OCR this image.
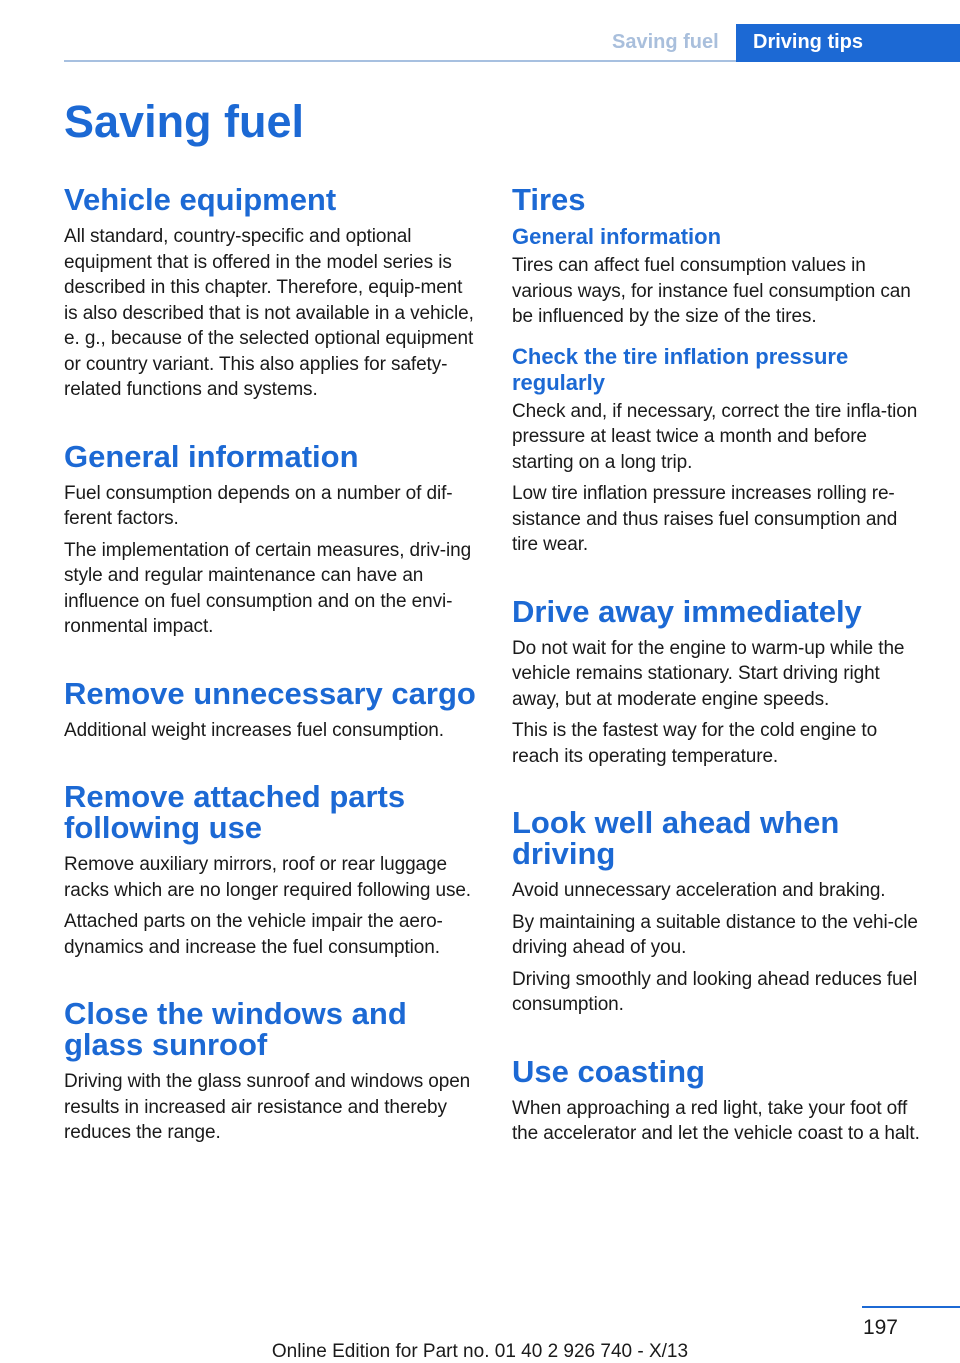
Saving fuel	Driving tips
Saving fuel
Vehicle equipment

All standard, country-specific and optional equipment that is offered in the model series is described in this chapter. Therefore, equip-ment is also described that is not available in a vehicle, e. g., because of the selected optional equipment or country variant. This also applies for safety-related functions and systems.

General information

Fuel consumption depends on a number of dif-ferent factors.

The implementation of certain measures, driv-ing style and regular maintenance can have an influence on fuel consumption and on the envi-ronmental impact.

Remove unnecessary cargo

Additional weight increases fuel consumption.

Remove attached parts following use

Remove auxiliary mirrors, roof or rear luggage racks which are no longer required following use.

Attached parts on the vehicle impair the aero-dynamics and increase the fuel consumption.

Close the windows and glass sunroof

Driving with the glass sunroof and windows open results in increased air resistance and thereby reduces the range.

Tires
General information

Tires can affect fuel consumption values in various ways, for instance fuel consumption can be influenced by the size of the tires.

Check the tire inflation pressure regularly

Check and, if necessary, correct the tire infla-tion pressure at least twice a month and before starting on a long trip.

Low tire inflation pressure increases rolling re-sistance and thus raises fuel consumption and tire wear.

Drive away immediately

Do not wait for the engine to warm-up while the vehicle remains stationary. Start driving right away, but at moderate engine speeds.

This is the fastest way for the cold engine to reach its operating temperature.

Look well ahead when driving

Avoid unnecessary acceleration and braking.

By maintaining a suitable distance to the vehi-cle driving ahead of you.

Driving smoothly and looking ahead reduces fuel consumption.

Use coasting

When approaching a red light, take your foot off the accelerator and let the vehicle coast to a halt.

197
Online Edition for Part no. 01 40 2 926 740 - X/13
